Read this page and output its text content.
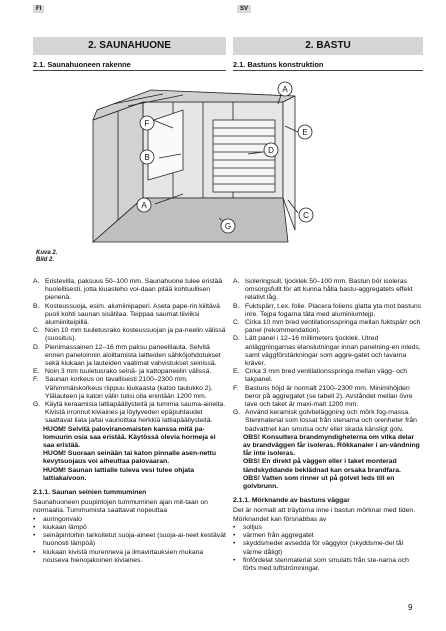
FI	SV
2. SAUNAHUONE	2. BASTU
2.1. Saunahuoneen rakenne	2.1. Bastuns konstruktion
A
A
B
C
D
E
F
G
Kuva 2.
Bild 2.
A. Eristevilla, paksuus 50–100 mm. Saunahuone tulee eristää huolellisesti, jotta kiuasteho voi-daan pitää kohtuullisen pienenä.
B. Kosteussuoja, esim. alumiinipaperi. Aseta pape-rin kiiltävä puoli kohti saunan sisätilaa. Teippaa saumat tiiviiksi alumiiniteipillä.
C. Noin 10 mm tuuletusrako kosteussuojan ja pa-neelin välissä (suositus).
D. Pienimassainen 12–16 mm paksu paneelilauta. Selvitä ennen paneloinnin aloittamista laitteiden sähköjohdotukset sekä kiukaan ja lauteiden vaatimat vahvistukset seinissä.
E. Noin 3 mm tuuletusrako seinä- ja kattopaneelin välissä.
F. Saunan korkeus on tavallisesti 2100–2300 mm. Vähimmäiskorkeus riippuu kiukaasta (katso taulukko 2). Ylälauteen ja katon välin tulisi olla enintään 1200 mm.
G. Käytä keraamisia lattiapäällysteitä ja tummia sauma-aineita. Kivistä irronnut kiviaines ja löylyveden epäpuhtaudet saattavat liata ja/tai vaurioittaa herkkiä lattiapäällysteitä.
HUOM! Selvitä paloviranomaisten kanssa mitä pa-lomuurin osia saa eristää. Käytössä olevia hormeja ei saa eristää.
HUOM! Suoraan seinään tai katon pinnalle asen-nettu kevytsuojaus voi aiheuttaa palovaaran.
HUOM! Saunan lattialle tuleva vesi tulee ohjata lattiakaivoon.
2.1.1. Saunan seinien tummuminen
Saunahuoneen puupintojen tummuminen ajan mit-taan on normaalia. Tummumista saattavat nopeuttaa
•	auringonvalo
•	kiukaan lämpö
•	seinäpintoihin tarkoitetut suoja-aineet (suoja-ai-neet kestävät huonosti lämpöä)
•	kiukaan kivistä murenneva ja ilmavirtauksien mukana nouseva hienojakoinen kiviaines.
A. Isoleringsull, tjocklek 50–100 mm. Bastun bör isoleras omsorgsfullt för att kunna hålla bastu-aggregatets effekt relativt låg.
B. Fuktspärr, t.ex. folie. Placera foliens glatta yta mot bastuns inre. Tejpa fogarna täta med aluminiumtejp.
C. Cirka 10 mm bred ventilationsspringa mellan fuktspärr och panel (rekommendation).
D. Lätt panel i 12–16 millimeters tjocklek. Utred anläggningarnas elanslutningar innan panelning-en inleds, samt väggförstärkningar som aggre-gatet och lavarna kräver.
E. Cirka 3 mm bred ventilationsspringa mellan vägg- och takpanel.
F. Bastuns höjd är normalt 2100–2300 mm. Minimihöjden beror på aggregatet (se tabell 2). Avståndet mellan övre lave och taket är maxi-malt 1200 mm.
G. Använd keramisk golvbeläggning och mörk fog-massa. Stenmaterial som lossat från stenarna och orenheter från badvattnet kan smutsa och/ eller skada känsligt golv.
OBS! Konsultera brandmyndigheterna om vilka delar av brandväggen får isoleras. Rökkanaler i an-vändning får inte isoleras.
OBS! En direkt på väggen eller i taket monterad tändskyddande beklädnad kan orsaka brandfara.
OBS! Vatten som rinner ut på golvet leds till en golvbrunn.
2.1.1. Mörknande av bastuns väggar
Det är normalt att träytorna inne i bastun mörknar med tiden. Mörknandet kan försnabbas av
•	solljus
•	värmen från aggregatet
•	skyddsmedel avsedda för väggytor (skyddsme-del tål värme dåligt)
•	finfördelat stenmaterial som smulats från ste-narna och förts med luftströmningar.
9
